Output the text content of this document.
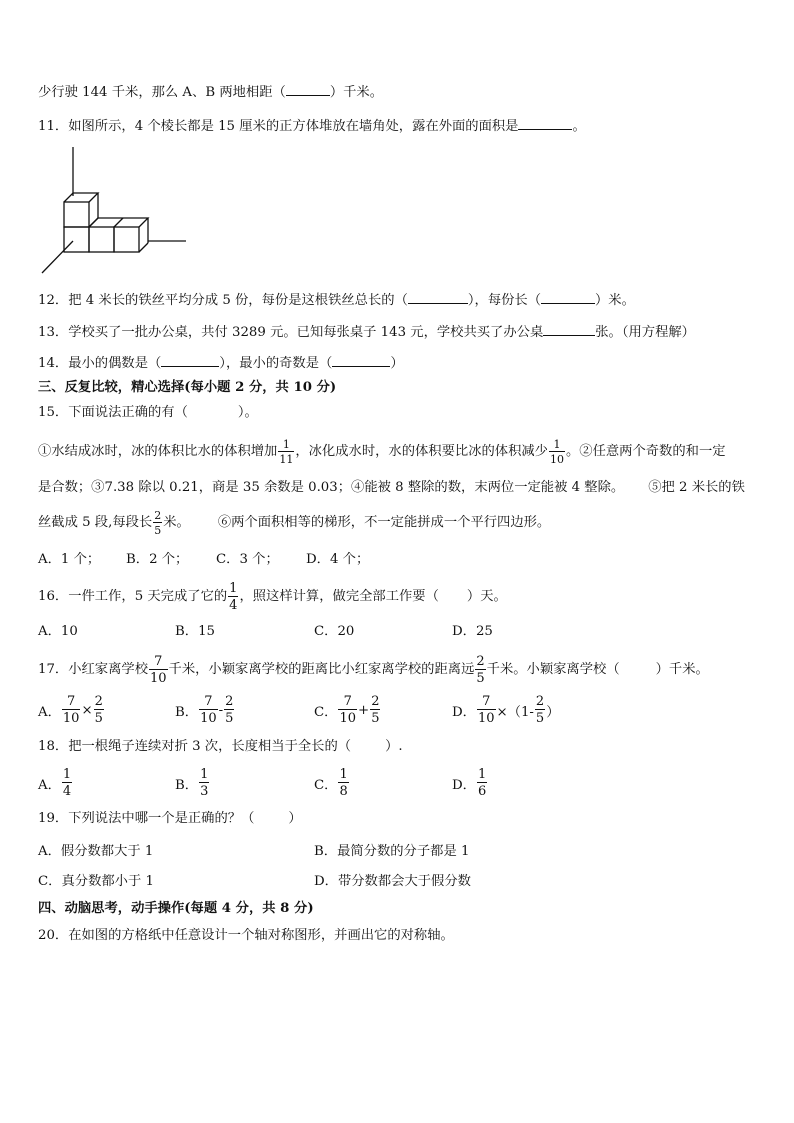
少行驶 144 千米，那么 A、B 两地相距（	）千米。
11．如图所示，4 个棱长都是 15 厘米的正方体堆放在墙角处，露在外面的面积是	。
12．把 4 米长的铁丝平均分成 5 份，每份是这根铁丝总长的（	），每份长（	）米。
13．学校买了一批办公桌，共付 3289 元。已知每张桌子 143 元，学校共买了办公桌	张。（用方程解）
14．最小的偶数是（	），最小的奇数是（	）
三、反复比较，精心选择(每小题 2 分，共 10 分)
15．下面说法正确的有（	）。
①水结成冰时，冰的体积比水的体积增加 $\frac{1}{11}$ ，冰化成水时，水的体积要比冰的体积减少 $\frac{1}{10}$ 。②任意两个奇数的和一定
是合数；③7.38 除以 0.21，商是 35 余数是 0.03；④能被 8 整除的数，末两位一定能被 4 整除。 ⑤把 2 米长的铁
丝截成 5 段,每段长 $\frac{2}{5}$ 米。 ⑥两个面积相等的梯形，不一定能拼成一个平行四边形。
A．1 个； B．2 个； C．3 个； D．4 个；
16．一件工作，5 天完成了它的 $\frac{1}{4}$ ，照这样计算，做完全部工作要（ ）天。
A．10	B．15	C．20	D．25
17．小红家离学校 $\frac{7}{10}$ 千米，小颖家离学校的距离比小红家离学校的距离远 $\frac{2}{5}$ 千米。小颖家离学校（	）千米。
A． $\frac{7}{10} \times \frac{2}{5}$	B． $\frac{7}{10} - \frac{2}{5}$	C． $\frac{7}{10} + \frac{2}{5}$	D． $\frac{7}{10} \times(1- \frac{2}{5}$ ）
18．把一根绳子连续对折 3 次，长度相当于全长的（	）.
A． $\frac{1}{4}$	B． $\frac{1}{3}$	C． $\frac{1}{8}$	D． $\frac{1}{6}$
19．下列说法中哪一个是正确的？（	）
A．假分数都大于 1	B．最简分数的分子都是 1
C．真分数都小于 1	D．带分数都会大于假分数
四、动脑思考，动手操作(每题 4 分，共 8 分)
20．在如图的方格纸中任意设计一个轴对称图形，并画出它的对称轴。
